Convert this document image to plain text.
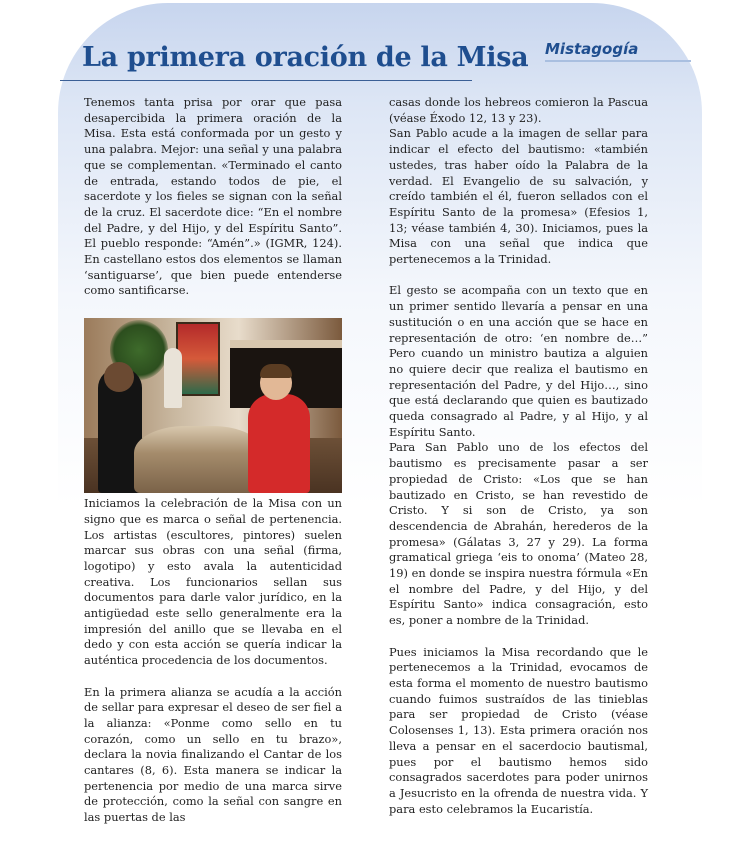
La primera oración de la Misa Mistagogía

Tenemos tanta prisa por orar que pasa desapercibida la primera oración de la Misa. Esta está conformada por un gesto y una palabra. Mejor: una señal y una palabra que se complementan. «Terminado el canto de entrada, estando todos de pie, el sacerdote y los fieles se signan con la señal de la cruz. El sacerdote dice: “En el nombre del Padre, y del Hijo, y del Espíritu Santo”. El pueblo responde: “Amén”.» (IGMR, 124). En castellano estos dos elementos se llaman ‘santiguarse’, que bien puede entenderse como santificarse.

Iniciamos la celebración de la Misa con un signo que es marca o señal de pertenencia. Los artistas (escultores, pintores) suelen marcar sus obras con una señal (firma, logotipo) y esto avala la autenticidad creativa. Los funcionarios sellan sus documentos para darle valor jurídico, en la antigüedad este sello generalmente era la impresión del anillo que se llevaba en el dedo y con esta acción se quería indicar la auténtica procedencia de los documentos.

En la primera alianza se acudía a la acción de sellar para expresar el deseo de ser fiel a la alianza: «Ponme como sello en tu corazón, como un sello en tu brazo», declara la novia finalizando el Cantar de los cantares (8, 6). Esta manera se indicar la pertenencia por medio de una marca sirve de protección, como la señal con sangre en las puertas de las

casas donde los hebreos comieron la Pascua (véase Éxodo 12, 13 y 23).

San Pablo acude a la imagen de sellar para indicar el efecto del bautismo: «también ustedes, tras haber oído la Palabra de la verdad. El Evangelio de su salvación, y creído también el él, fueron sellados con el Espíritu Santo de la promesa» (Efesios 1, 13; véase también 4, 30). Iniciamos, pues la Misa con una señal que indica que pertenecemos a la Trinidad.

El gesto se acompaña con un texto que en un primer sentido llevaría a pensar en una sustitución o en una acción que se hace en representación de otro: ‘en nombre de…” Pero cuando un ministro bautiza a alguien no quiere decir que realiza el bautismo en representación del Padre, y del Hijo…, sino que está declarando que quien es bautizado queda consagrado al Padre, y al Hijo, y al Espíritu Santo.

Para San Pablo uno de los efectos del bautismo es precisamente pasar a ser propiedad de Cristo: «Los que se han bautizado en Cristo, se han revestido de Cristo. Y si son de Cristo, ya son descendencia de Abrahán, herederos de la promesa» (Gálatas 3, 27 y 29). La forma gramatical griega ‘eis to onoma’ (Mateo 28, 19) en donde se inspira nuestra fórmula «En el nombre del Padre, y del Hijo, y del Espíritu Santo» indica consagración, esto es, poner a nombre de la Trinidad.

Pues iniciamos la Misa recordando que le pertenecemos a la Trinidad, evocamos de esta forma el momento de nuestro bautismo cuando fuimos sustraídos de las tinieblas para ser propiedad de Cristo (véase Colosenses 1, 13). Esta primera oración nos lleva a pensar en el sacerdocio bautismal, pues por el bautismo hemos sido consagrados sacerdotes para poder unirnos a Jesucristo en la ofrenda de nuestra vida. Y para esto celebramos la Eucaristía.
